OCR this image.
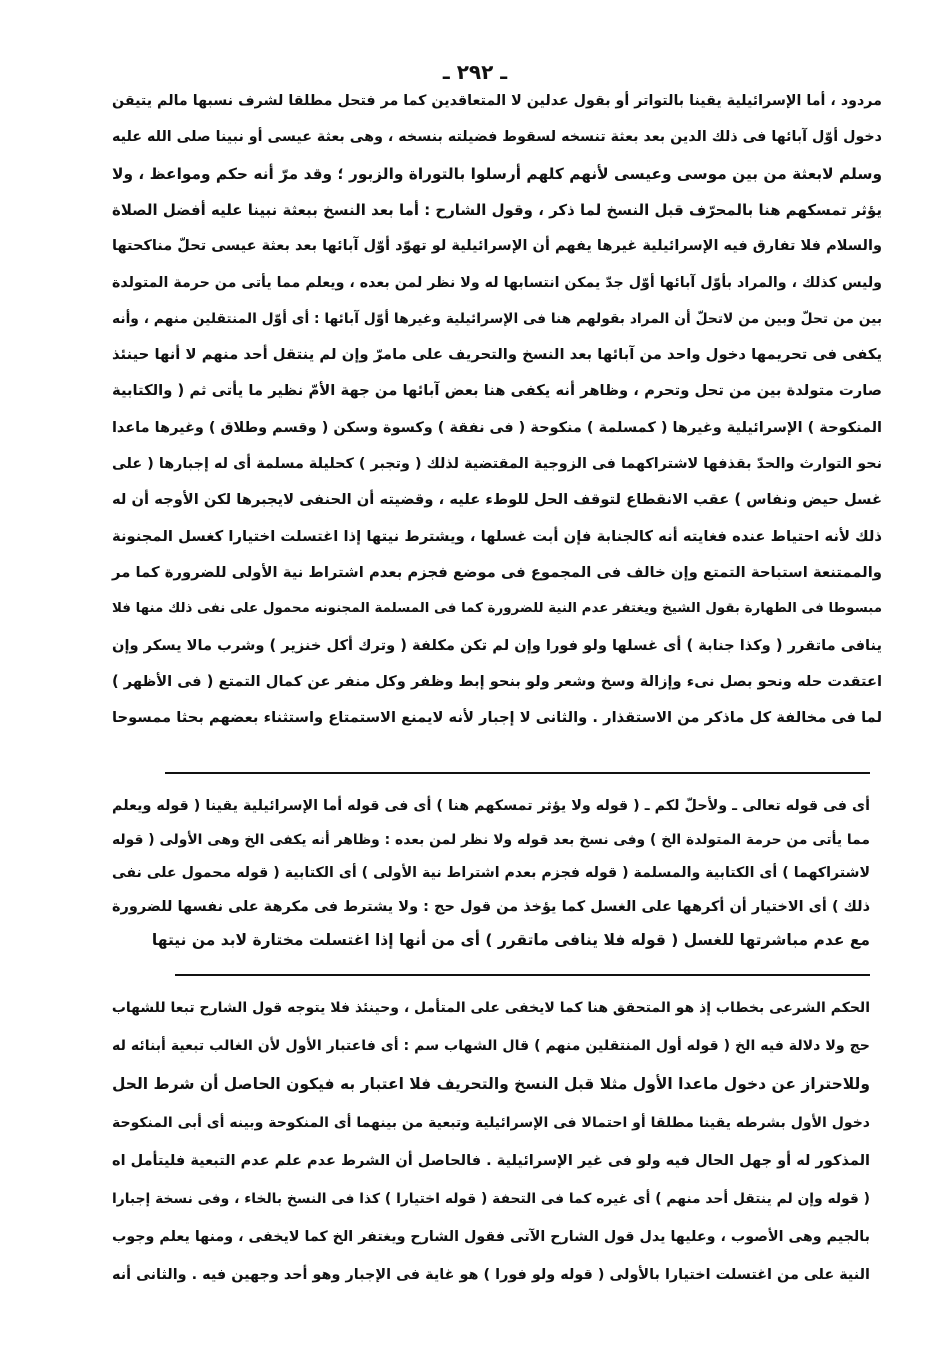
ـ ٢٩٢ ـ
مردود ، أما الإسرائيلية يقينا بالتواتر أو بقول عدلين لا المتعاقدين كما مر فتحل مطلقا لشرف نسبها مالم يتيقن
دخول أوّل آبائها فى ذلك الدين بعد بعثة تنسخه لسقوط فضيلته بنسخه ، وهى بعثة عيسى أو نبينا صلى الله عليه
وسلم لابعثة من بين موسى وعيسى لأنهم كلهم أرسلوا بالتوراة والزبور ؛ وقد مرّ أنه حكم ومواعظ ، ولا
يؤثر تمسكهم هنا بالمحرّف قبل النسخ لما ذكر ، وقول الشارح : أما بعد النسخ ببعثة نبينا عليه أفضل الصلاة
والسلام فلا تفارق فيه الإسرائيلية غيرها يفهم أن الإسرائيلية لو تهوّد أوّل آبائها بعد بعثة عيسى تحلّ مناكحتها
وليس كذلك ، والمراد بأوّل آبائها أوّل جدّ يمكن انتسابها له ولا نظر لمن بعده ، ويعلم مما يأتى من حرمة المتولدة
بين من تحلّ وبين من لاتحلّ أن المراد بقولهم هنا فى الإسرائيلية وغيرها أوّل آبائها : أى أوّل المنتقلين منهم ، وأنه
يكفى فى تحريمها دخول واحد من آبائها بعد النسخ والتحريف على مامرّ وإن لم ينتقل أحد منهم لا أنها حينئذ
صارت متولدة بين من تحل وتحرم ، وظاهر أنه يكفى هنا بعض آبائها من جهة الأمّ نظير ما يأتى ثم ( والكتابية
المنكوحة ) الإسرائيلية وغيرها ( كمسلمة ) منكوحة ( فى نفقة ) وكسوة وسكن ( وقسم وطلاق ) وغيرها ماعدا
نحو التوارث والحدّ بقذفها لاشتراكهما فى الزوجية المقتضية لذلك ( وتجبر ) كحليلة مسلمة أى له إجبارها ( على
غسل حيض ونفاس ) عقب الانقطاع لتوقف الحل للوطء عليه ، وقضيته أن الحنفى لايجبرها لكن الأوجه أن له
ذلك لأنه احتياط عنده فغايته أنه كالجنابة فإن أبت غسلها ، ويشترط نيتها إذا اغتسلت اختيارا كغسل المجنونة
والممتنعة استباحة التمتع وإن خالف فى المجموع فى موضع فجزم بعدم اشتراط نية الأولى للضرورة كما مر
مبسوطا فى الطهارة بقول الشيخ ويغتفر عدم النية للضرورة كما فى المسلمة المجنونه محمول على نفى ذلك منها فلا
ينافى ماتقرر ( وكذا جنابة ) أى غسلها ولو فورا وإن لم تكن مكلفة ( وترك أكل خنزير ) وشرب مالا يسكر وإن
اعتقدت حله ونحو بصل نىء وإزالة وسخ وشعر ولو بنحو إبط وظفر وكل منفر عن كمال التمتع ( فى الأظهر )
لما فى مخالفة كل ماذكر من الاستقذار . والثانى لا إجبار لأنه لايمنع الاستمتاع واستثناء بعضهم بحثا ممسوحا
أى فى قوله تعالى ـ ولأحلّ لكم ـ ( قوله ولا يؤثر تمسكهم هنا ) أى فى قوله أما الإسرائيلية يقينا ( قوله ويعلم
مما يأتى من حرمة المتولدة الخ ) وفى نسخ بعد قوله ولا نظر لمن بعده : وظاهر أنه يكفى الخ وهى الأولى ( قوله
لاشتراكهما ) أى الكتابية والمسلمة ( قوله فجزم بعدم اشتراط نية الأولى ) أى الكتابية ( قوله محمول على نفى
ذلك ) أى الاختيار أن أكرهها على الغسل كما يؤخذ من قول حج : ولا يشترط فى مكرهة على نفسها للضرورة
مع عدم مباشرتها للغسل ( قوله فلا ينافى ماتقرر ) أى من أنها إذا اغتسلت مختارة لابد من نيتها
الحكم الشرعى بخطاب إذ هو المتحقق هنا كما لايخفى على المتأمل ، وحينئذ فلا يتوجه قول الشارح تبعا للشهاب
حج ولا دلالة فيه الخ ( قوله أول المنتقلين منهم ) قال الشهاب سم : أى فاعتبار الأول لأن الغالب تبعية أبنائه له
وللاحتراز عن دخول ماعدا الأول مثلا قبل النسخ والتحريف فلا اعتبار به فيكون الحاصل أن شرط الحل
دخول الأول بشرطه يقينا مطلقا أو احتمالا فى الإسرائيلية وتبعية من بينهما أى المنكوحة وبينه أى أبى المنكوحة
المذكور له أو جهل الحال فيه ولو فى غير الإسرائيلية . فالحاصل أن الشرط عدم علم عدم التبعية فليتأمل اه
( قوله وإن لم ينتقل أحد منهم ) أى غيره كما فى التحفة ( قوله اختيارا ) كذا فى النسخ بالخاء ، وفى نسخة إجبارا
بالجيم وهى الأصوب ، وعليها يدل قول الشارح الآتى فقول الشارح ويغتفر الخ كما لايخفى ، ومنها يعلم وجوب
النية على من اغتسلت اختيارا بالأولى ( قوله ولو فورا ) هو غاية فى الإجبار وهو أحد وجهين فيه . والثانى أنه
